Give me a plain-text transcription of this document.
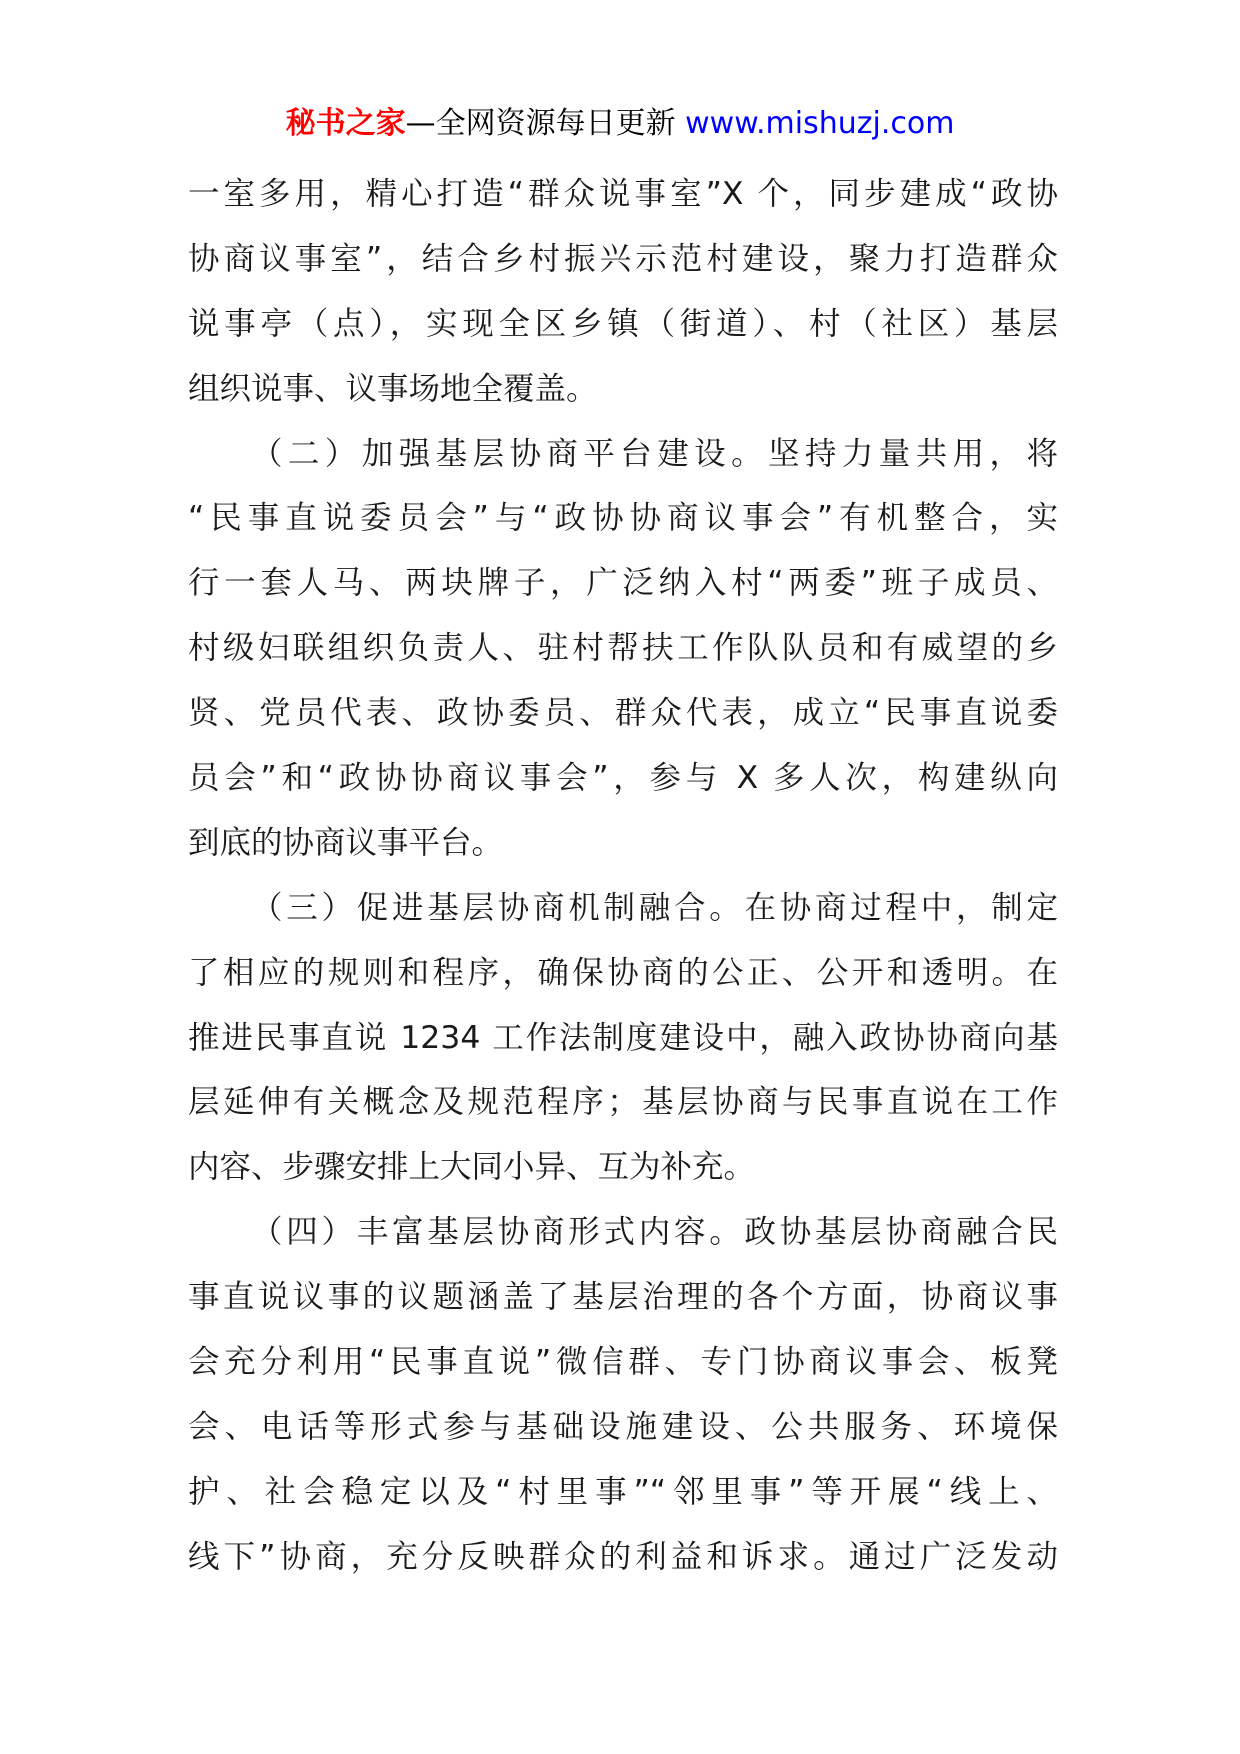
秘书之家—全网资源每日更新 www.mishuzj.com
一室多用，精心打造“群众说事室”X 个，同步建成“政协
协商议事室”，结合乡村振兴示范村建设，聚力打造群众
说事亭（点），实现全区乡镇（街道）、村（社区）基层
组织说事、议事场地全覆盖。
（二）加强基层协商平台建设。坚持力量共用，将
“民事直说委员会”与“政协协商议事会”有机整合，实
行一套人马、两块牌子，广泛纳入村“两委”班子成员、
村级妇联组织负责人、驻村帮扶工作队队员和有威望的乡
贤、党员代表、政协委员、群众代表，成立“民事直说委
员会”和“政协协商议事会”，参与 X 多人次，构建纵向
到底的协商议事平台。
（三）促进基层协商机制融合。在协商过程中，制定
了相应的规则和程序，确保协商的公正、公开和透明。在
推进民事直说 1234 工作法制度建设中，融入政协协商向基
层延伸有关概念及规范程序；基层协商与民事直说在工作
内容、步骤安排上大同小异、互为补充。
（四）丰富基层协商形式内容。政协基层协商融合民
事直说议事的议题涵盖了基层治理的各个方面，协商议事
会充分利用“民事直说”微信群、专门协商议事会、板凳
会、电话等形式参与基础设施建设、公共服务、环境保
护、社会稳定以及“村里事”“邻里事”等开展“线上、
线下”协商，充分反映群众的利益和诉求。通过广泛发动
